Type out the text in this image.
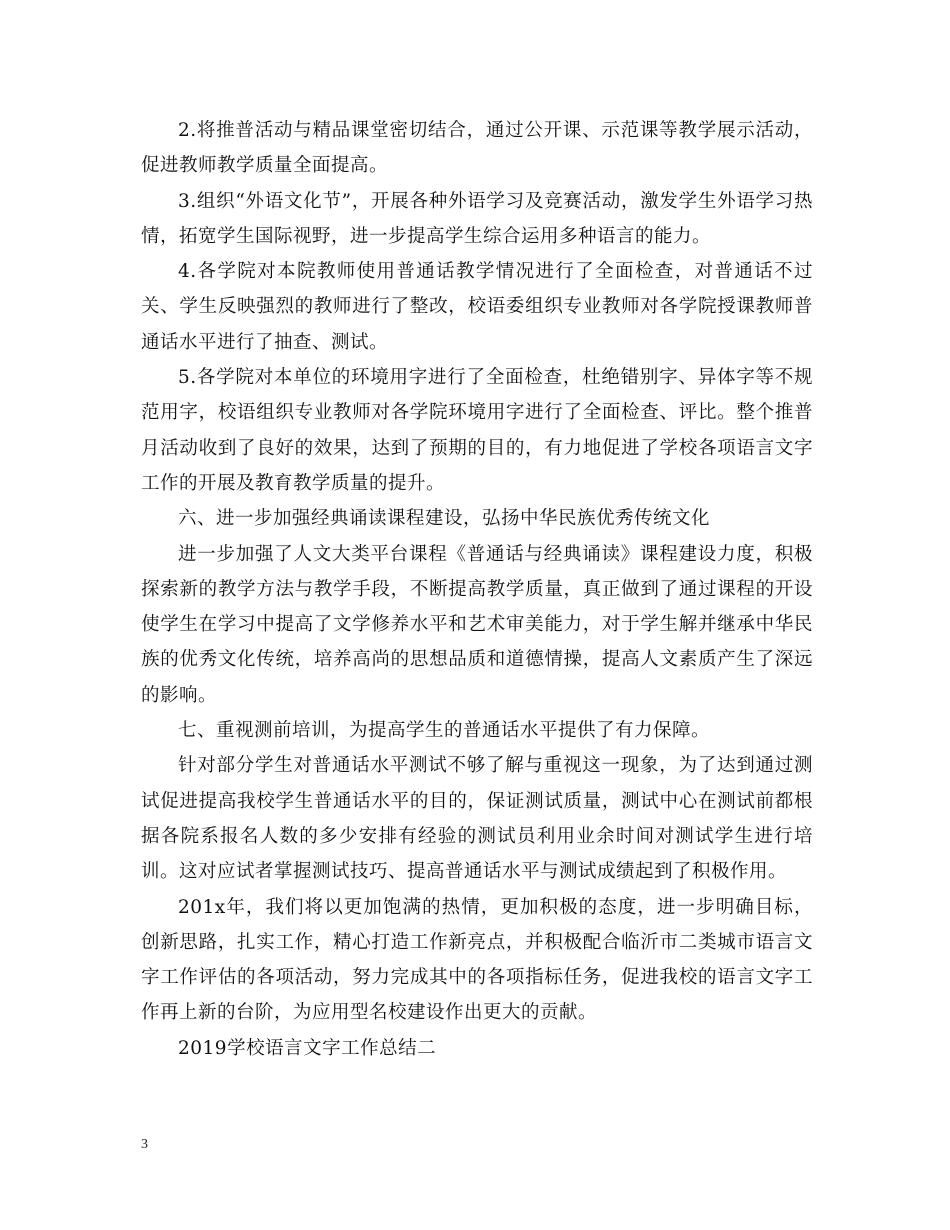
2.将推普活动与精品课堂密切结合，通过公开课、示范课等教学展示活动，促进教师教学质量全面提高。

3.组织“外语文化节”，开展各种外语学习及竞赛活动，激发学生外语学习热情，拓宽学生国际视野，进一步提高学生综合运用多种语言的能力。

4.各学院对本院教师使用普通话教学情况进行了全面检查，对普通话不过关、学生反映强烈的教师进行了整改，校语委组织专业教师对各学院授课教师普通话水平进行了抽查、测试。

5.各学院对本单位的环境用字进行了全面检查，杜绝错别字、异体字等不规范用字，校语组织专业教师对各学院环境用字进行了全面检查、评比。整个推普月活动收到了良好的效果，达到了预期的目的，有力地促进了学校各项语言文字工作的开展及教育教学质量的提升。

六、进一步加强经典诵读课程建设，弘扬中华民族优秀传统文化

进一步加强了人文大类平台课程《普通话与经典诵读》课程建设力度，积极探索新的教学方法与教学手段，不断提高教学质量，真正做到了通过课程的开设使学生在学习中提高了文学修养水平和艺术审美能力，对于学生解并继承中华民族的优秀文化传统，培养高尚的思想品质和道德情操，提高人文素质产生了深远的影响。

七、重视测前培训，为提高学生的普通话水平提供了有力保障。

针对部分学生对普通话水平测试不够了解与重视这一现象，为了达到通过测试促进提高我校学生普通话水平的目的，保证测试质量，测试中心在测试前都根据各院系报名人数的多少安排有经验的测试员利用业余时间对测试学生进行培训。这对应试者掌握测试技巧、提高普通话水平与测试成绩起到了积极作用。

201x年，我们将以更加饱满的热情，更加积极的态度，进一步明确目标，创新思路，扎实工作，精心打造工作新亮点，并积极配合临沂市二类城市语言文字工作评估的各项活动，努力完成其中的各项指标任务，促进我校的语言文字工作再上新的台阶，为应用型名校建设作出更大的贡献。

2019学校语言文字工作总结二

3
